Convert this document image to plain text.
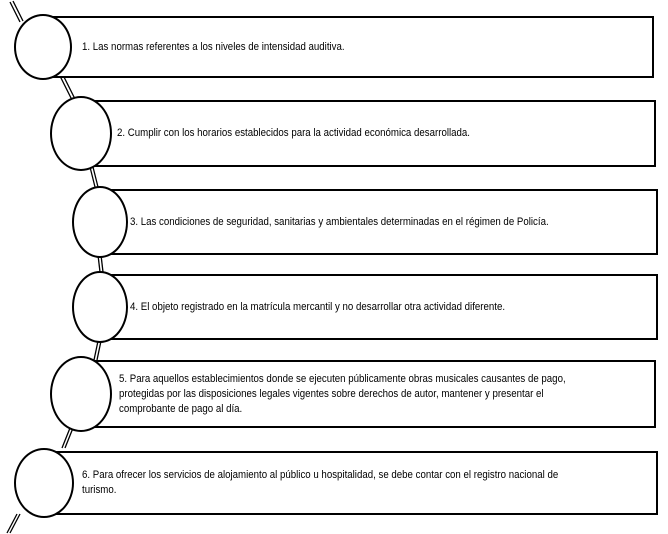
1. Las normas referentes a los niveles de intensidad auditiva.
2. Cumplir con los horarios establecidos para la actividad económica desarrollada.
3. Las condiciones de seguridad, sanitarias y ambientales determinadas en el régimen de Policía.
4. El objeto registrado en la matrícula mercantil y no desarrollar otra actividad diferente.
5. Para aquellos establecimientos donde se ejecuten públicamente obras musicales causantes de pago, protegidas por las disposiciones legales vigentes sobre derechos de autor, mantener y presentar el comprobante de pago al día.
6. Para ofrecer los servicios de alojamiento al público u hospitalidad, se debe contar con el registro nacional de turismo.
